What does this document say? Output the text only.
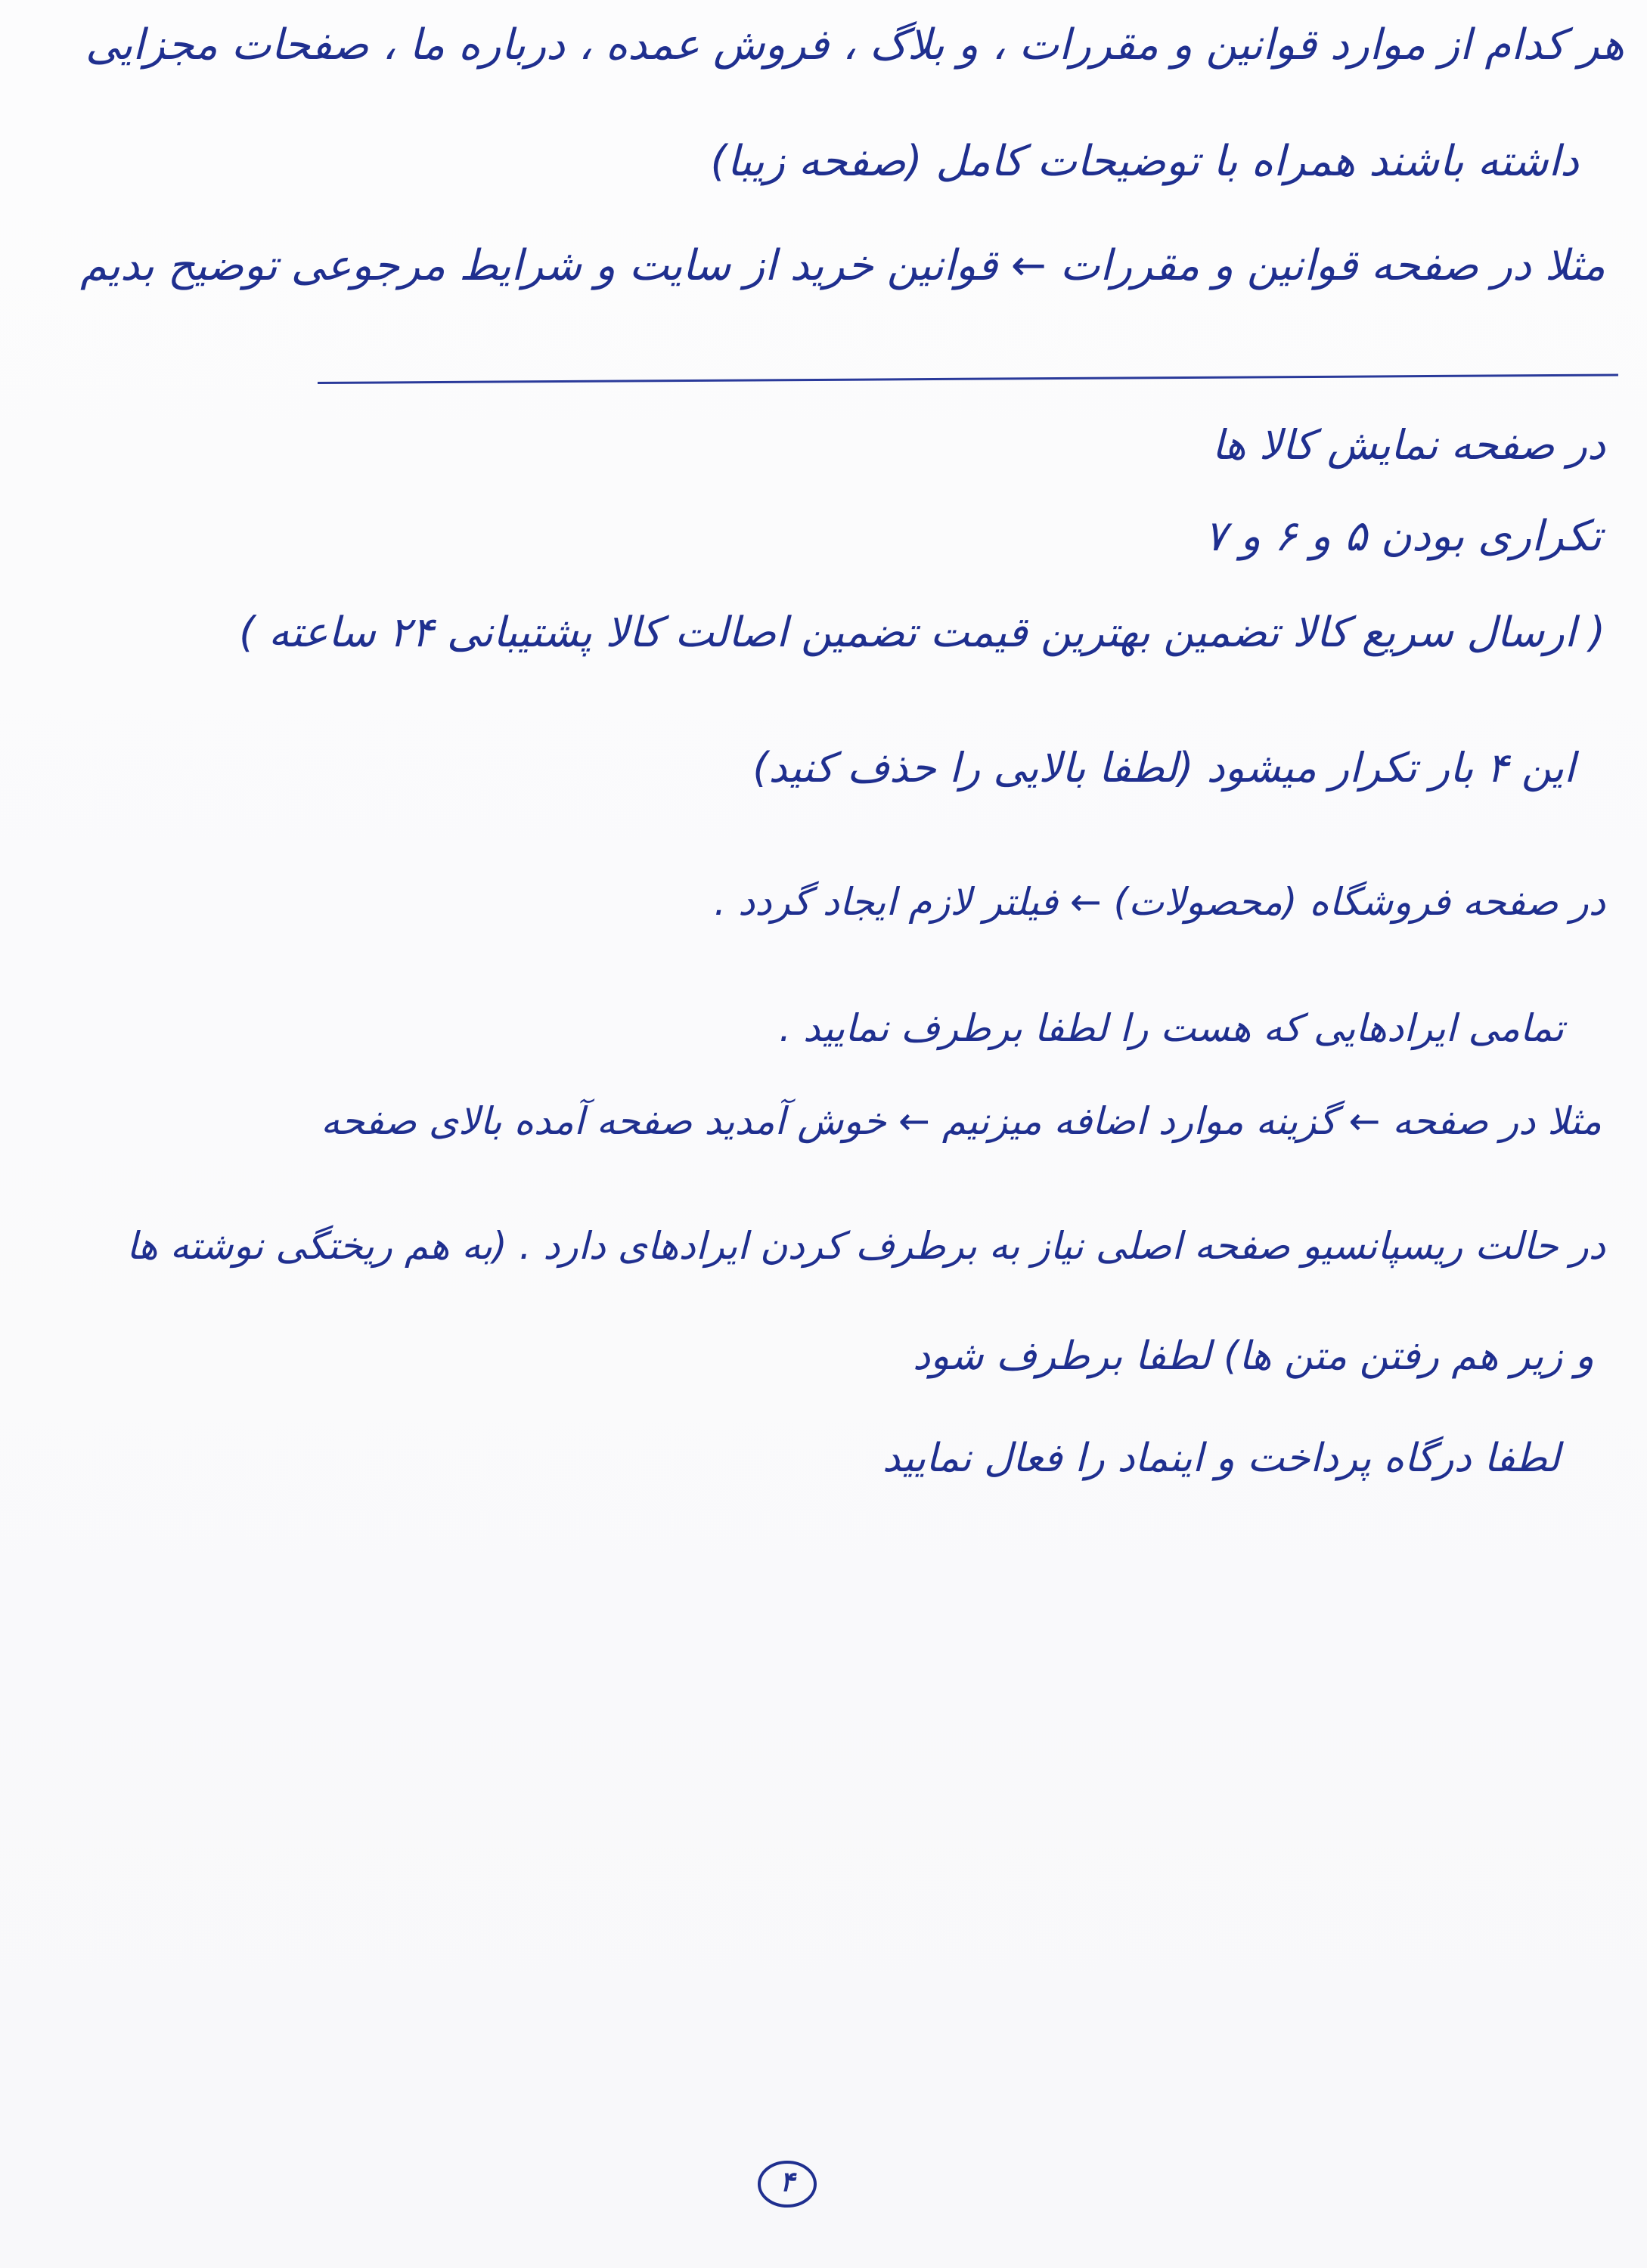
هر کدام از موارد قوانین و مقررات ، و بلاگ ، فروش عمده ، درباره ما ، صفحات مجزایی
داشته باشند همراه با توضیحات کامل (صفحه زیبا)
مثلا در صفحه قوانین و مقررات ← قوانین خرید از سایت و شرایط مرجوعی توضیح بدیم
در صفحه نمایش کالا ها
تکراری بودن ۵ و ۶ و ۷
( ارسال سریع کالا تضمین بهترین قیمت تضمین اصالت کالا پشتیبانی ۲۴ ساعته )
این ۴ بار تکرار میشود (لطفا بالایی را حذف کنید)
در صفحه فروشگاه (محصولات) ← فیلتر لازم ایجاد گردد .
تمامی ایرادهایی که هست را لطفا برطرف نمایید .
مثلا در صفحه ← گزینه موارد اضافه میزنیم ← خوش آمدید صفحه آمده بالای صفحه
در حالت ریسپانسیو صفحه اصلی نیاز به برطرف کردن ایرادهای دارد . (به هم ریختگی نوشته ها
و زیر هم رفتن متن ها) لطفا برطرف شود
لطفا درگاه پرداخت و اینماد را فعال نمایید
۴
